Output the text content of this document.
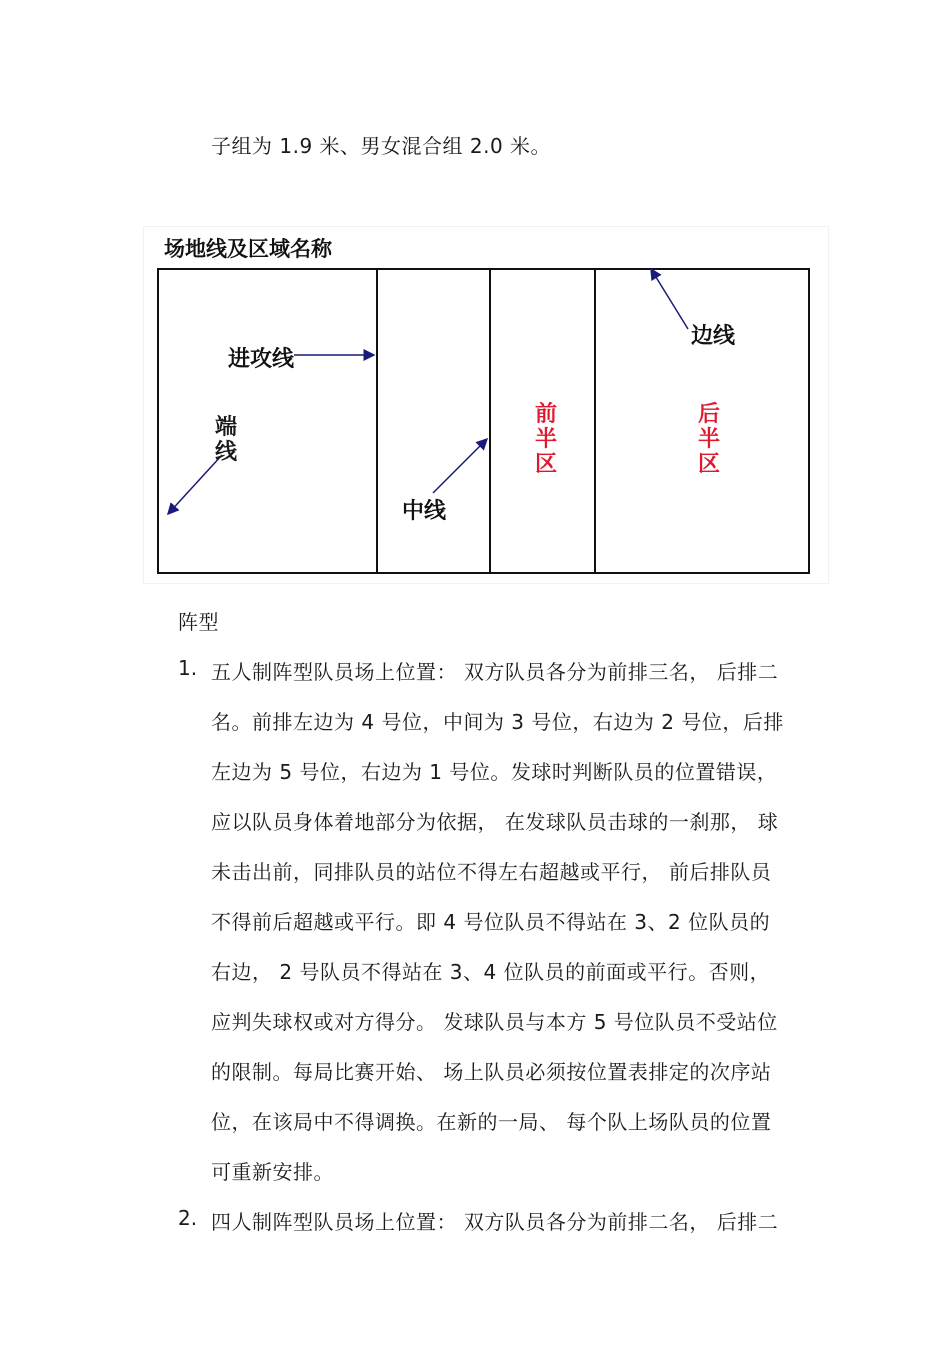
子组为 1.9 米、男女混合组 2.0 米。
场地线及区域名称
进攻线
端线
中线
前半区
后半区
边线
阵型
1. 五人制阵型队员场上位置： 双方队员各分为前排三名， 后排二
名。前排左边为 4 号位，中间为 3 号位，右边为 2 号位，后排
左边为 5 号位，右边为 1 号位。发球时判断队员的位置错误，
应以队员身体着地部分为依据， 在发球队员击球的一刹那， 球
未击出前，同排队员的站位不得左右超越或平行， 前后排队员
不得前后超越或平行。即 4 号位队员不得站在 3、2 位队员的
右边， 2 号队员不得站在 3、4 位队员的前面或平行。否则，
应判失球权或对方得分。 发球队员与本方 5 号位队员不受站位
的限制。每局比赛开始、 场上队员必须按位置表排定的次序站
位，在该局中不得调换。在新的一局、 每个队上场队员的位置
可重新安排。
2. 四人制阵型队员场上位置： 双方队员各分为前排二名， 后排二
